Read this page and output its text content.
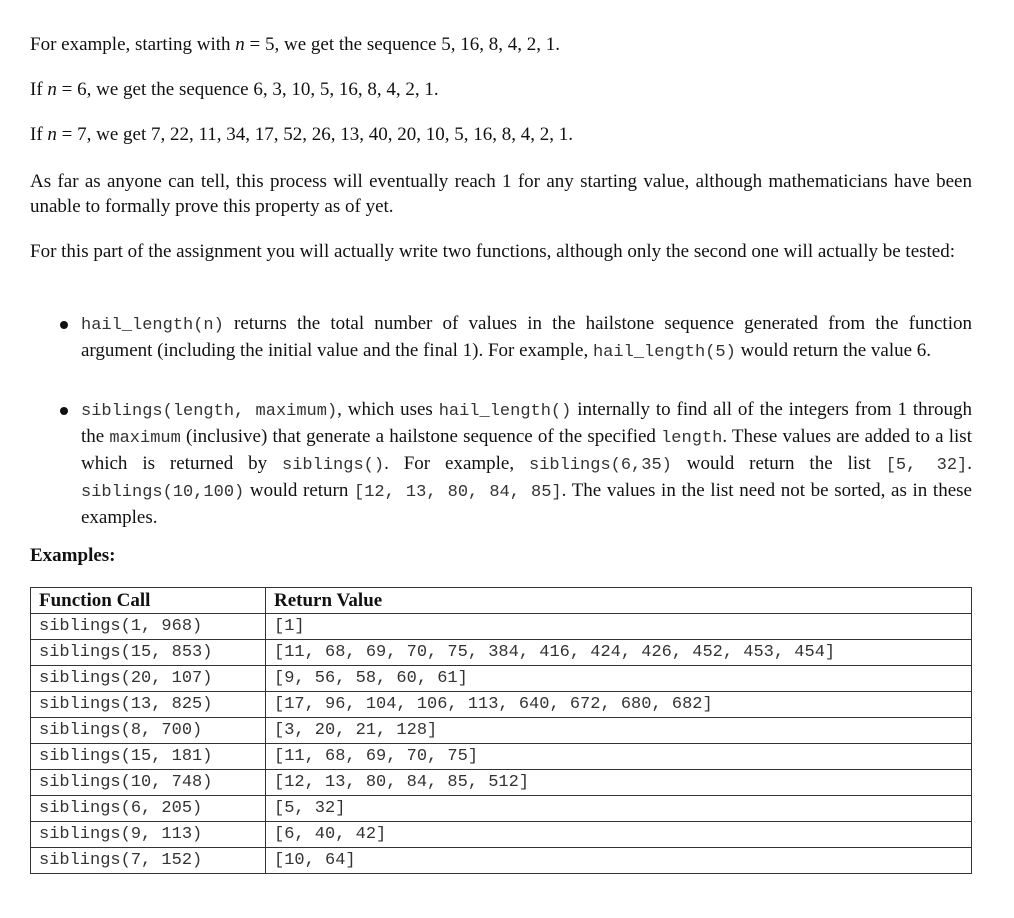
For example, starting with n = 5, we get the sequence 5, 16, 8, 4, 2, 1.

If n = 6, we get the sequence 6, 3, 10, 5, 16, 8, 4, 2, 1.

If n = 7, we get 7, 22, 11, 34, 17, 52, 26, 13, 40, 20, 10, 5, 16, 8, 4, 2, 1.

As far as anyone can tell, this process will eventually reach 1 for any starting value, although mathematicians have been unable to formally prove this property as of yet.

For this part of the assignment you will actually write two functions, although only the second one will actually be tested:

hail_length(n) returns the total number of values in the hailstone sequence generated from the function argument (including the initial value and the final 1). For example, hail_length(5) would return the value 6.
siblings(length, maximum), which uses hail_length() internally to find all of the integers from 1 through the maximum (inclusive) that generate a hailstone sequence of the specified length. These values are added to a list which is returned by siblings(). For example, siblings(6,35) would return the list [5, 32]. siblings(10,100) would return [12, 13, 80, 84, 85]. The values in the list need not be sorted, as in these examples.
Examples:
Function Call	Return Value
siblings(1, 968)	[1]
siblings(15, 853)	[11, 68, 69, 70, 75, 384, 416, 424, 426, 452, 453, 454]
siblings(20, 107)	[9, 56, 58, 60, 61]
siblings(13, 825)	[17, 96, 104, 106, 113, 640, 672, 680, 682]
siblings(8, 700)	[3, 20, 21, 128]
siblings(15, 181)	[11, 68, 69, 70, 75]
siblings(10, 748)	[12, 13, 80, 84, 85, 512]
siblings(6, 205)	[5, 32]
siblings(9, 113)	[6, 40, 42]
siblings(7, 152)	[10, 64]
